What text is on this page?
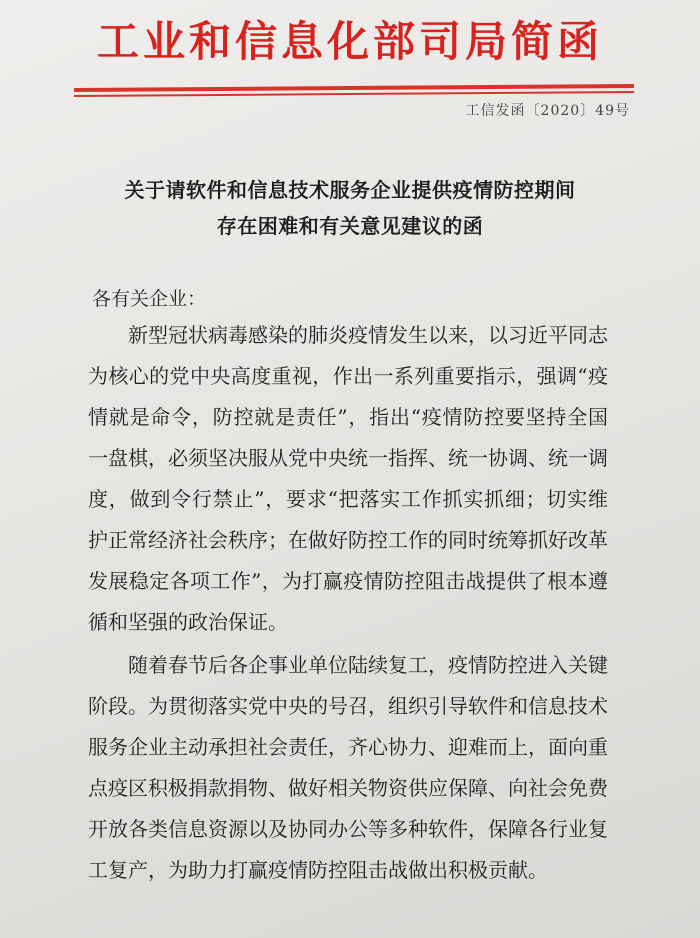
工业和信息化部司局简函
工信发函〔2020〕49号
关于请软件和信息技术服务企业提供疫情防控期间
存在困难和有关意见建议的函
各有关企业：
新型冠状病毒感染的肺炎疫情发生以来，以习近平同志
为核心的党中央高度重视，作出一系列重要指示，强调“疫
情就是命令，防控就是责任”，指出“疫情防控要坚持全国
一盘棋，必须坚决服从党中央统一指挥、统一协调、统一调
度，做到令行禁止”，要求“把落实工作抓实抓细；切实维
护正常经济社会秩序；在做好防控工作的同时统筹抓好改革
发展稳定各项工作”，为打赢疫情防控阻击战提供了根本遵
循和坚强的政治保证。
随着春节后各企事业单位陆续复工，疫情防控进入关键
阶段。为贯彻落实党中央的号召，组织引导软件和信息技术
服务企业主动承担社会责任，齐心协力、迎难而上，面向重
点疫区积极捐款捐物、做好相关物资供应保障、向社会免费
开放各类信息资源以及协同办公等多种软件，保障各行业复
工复产，为助力打赢疫情防控阻击战做出积极贡献。
